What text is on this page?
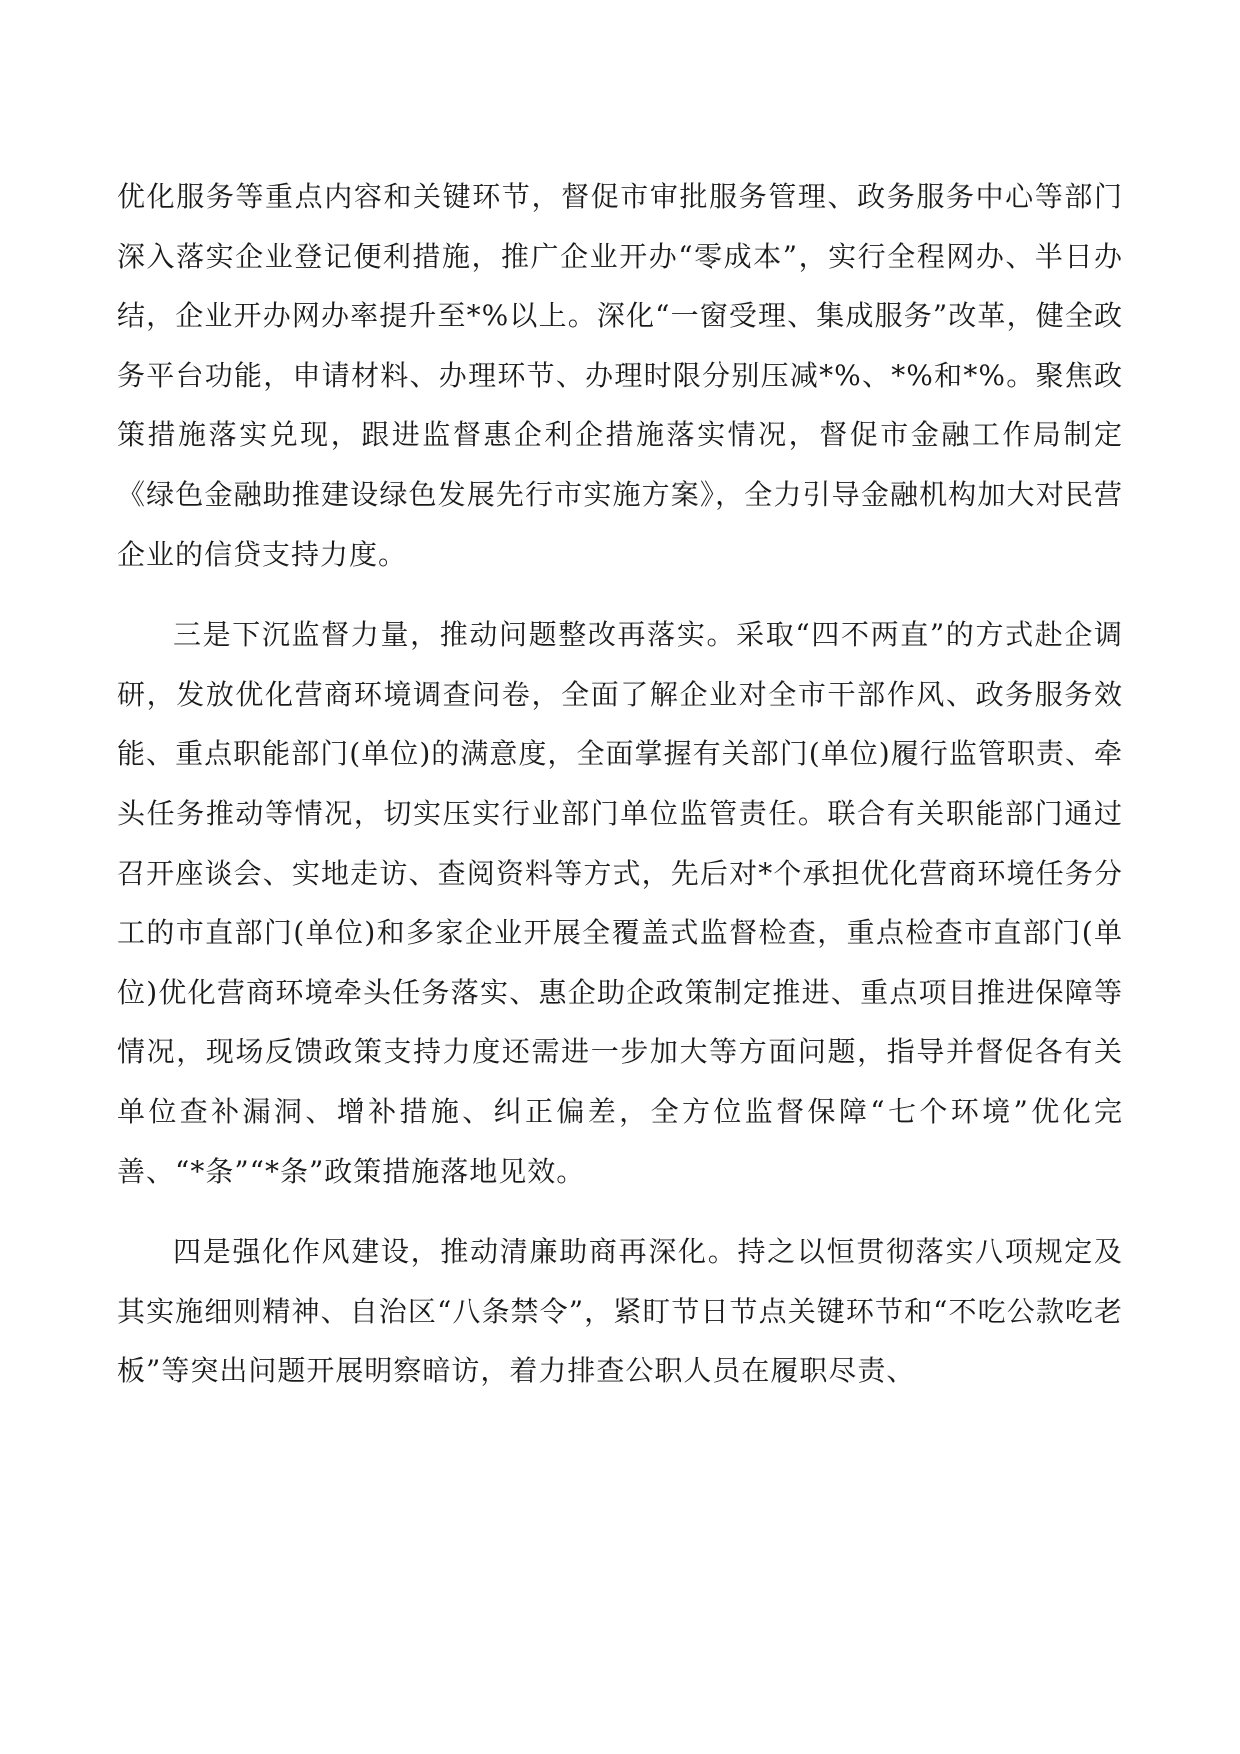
优化服务等重点内容和关键环节，督促市审批服务管理、政务服务中心等部门深入落实企业登记便利措施，推广企业开办“零成本”，实行全程网办、半日办结，企业开办网办率提升至*%以上。深化“一窗受理、集成服务”改革，健全政务平台功能，申请材料、办理环节、办理时限分别压减*%、*%和*%。聚焦政策措施落实兑现，跟进监督惠企利企措施落实情况，督促市金融工作局制定《绿色金融助推建设绿色发展先行市实施方案》，全力引导金融机构加大对民营企业的信贷支持力度。

三是下沉监督力量，推动问题整改再落实。采取“四不两直”的方式赴企调研，发放优化营商环境调查问卷，全面了解企业对全市干部作风、政务服务效能、重点职能部门(单位)的满意度，全面掌握有关部门(单位)履行监管职责、牵头任务推动等情况，切实压实行业部门单位监管责任。联合有关职能部门通过召开座谈会、实地走访、查阅资料等方式，先后对*个承担优化营商环境任务分工的市直部门(单位)和多家企业开展全覆盖式监督检查，重点检查市直部门(单位)优化营商环境牵头任务落实、惠企助企政策制定推进、重点项目推进保障等情况，现场反馈政策支持力度还需进一步加大等方面问题，指导并督促各有关单位查补漏洞、增补措施、纠正偏差，全方位监督保障“七个环境”优化完善、“*条”“*条”政策措施落地见效。

四是强化作风建设，推动清廉助商再深化。持之以恒贯彻落实八项规定及其实施细则精神、自治区“八条禁令”，紧盯节日节点关键环节和“不吃公款吃老板”等突出问题开展明察暗访，着力排查公职人员在履职尽责、
